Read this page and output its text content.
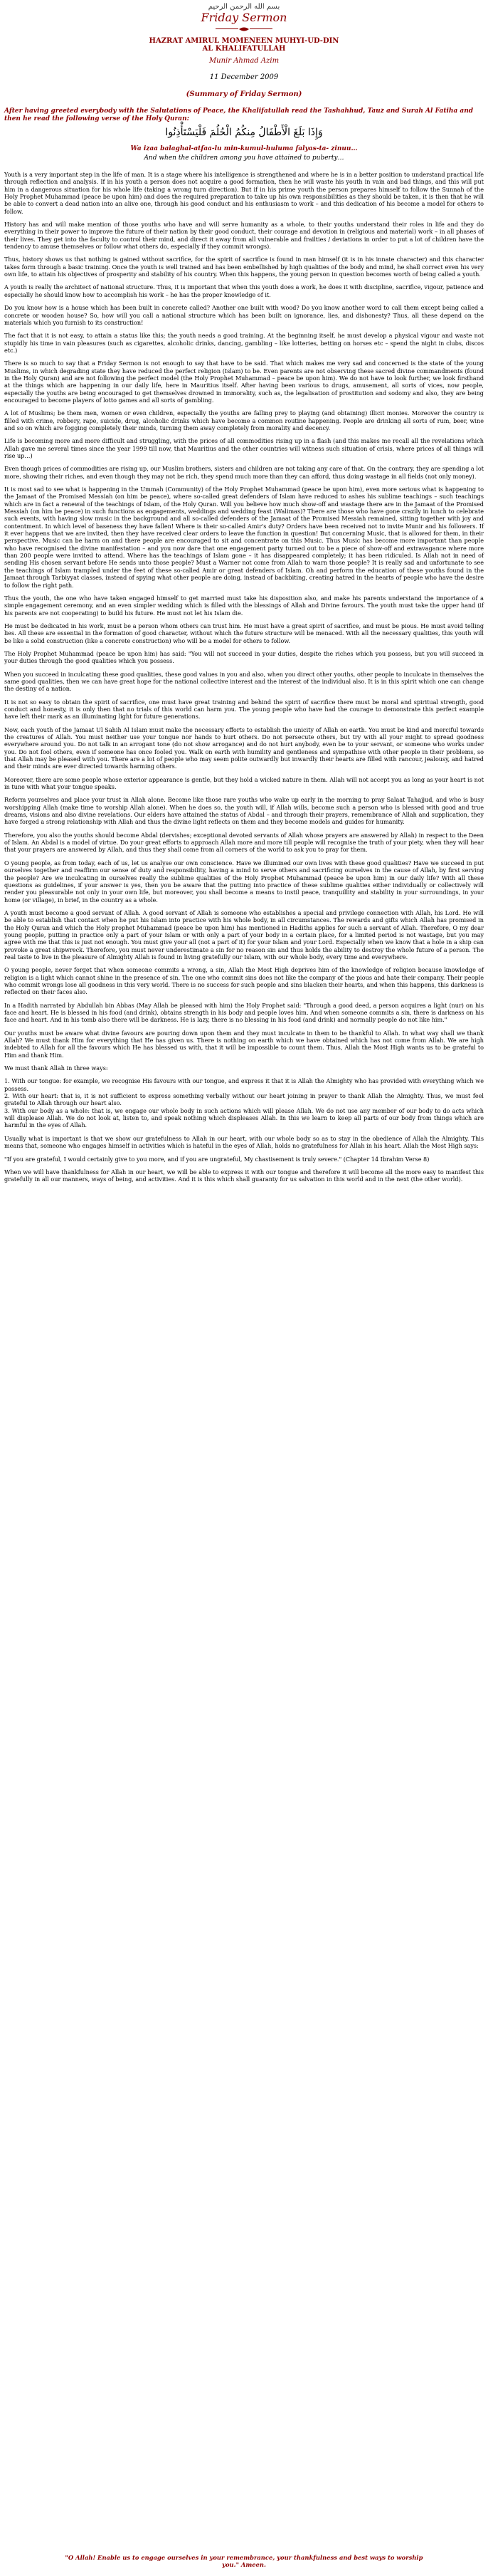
بسم الله الرحمن الرحيم
Friday Sermon
HAZRAT AMIRUL MOMENEEN MUHYI-UD-DIN
AL KHALIFATULLAH
Munir Ahmad Azim
11 December 2009
(Summary of Friday Sermon)
After having greeted everybody with the Salutations of Peace, the Khalifatullah read the Tashahhud, Tauz and Surah Al Fatiha and then he read the following verse of the Holy Quran:
وَإِذَا بَلَغَ الْأَطْفَالُ مِنكُمُ الْحُلُمَ فَلْيَسْتَأْذِنُوا
Wa izaa balaghal-atfaa-lu min-kumul-huluma falyas-ta- zinuu…
And when the children among you have attained to puberty…

Youth is a very important step in the life of man. It is a stage where his intelligence is strengthened and where he is in a better position to understand practical life through reflection and analysis. If in his youth a person does not acquire a good formation, then he will waste his youth in vain and bad things, and this will put him in a dangerous situation for his whole life (taking a wrong turn direction). But if in his prime youth the person prepares himself to follow the Sunnah of the Holy Prophet Muhammad (peace be upon him) and does the required preparation to take up his own responsibilities as they should be taken, it is then that he will be able to convert a dead nation into an alive one, through his good conduct and his enthusiasm to work – and this dedication of his become a model for others to follow.

History has and will make mention of those youths who have and will serve humanity as a whole, to their youths understand their roles in life and they do everything in their power to improve the future of their nation by their good conduct, their courage and devotion in (religious and material) work – in all phases of their lives. They get into the faculty to control their mind, and direct it away from all vulnerable and frailties / deviations in order to put a lot of children have the tendency to amuse themselves or follow what others do, especially if they commit wrongs).

Thus, history shows us that nothing is gained without sacrifice, for the spirit of sacrifice is found in man himself (it is in his innate character) and this character takes form through a basic training. Once the youth is well trained and has been embellished by high qualities of the body and mind, he shall correct even his very own life, to attain his objectives of prosperity and stability of his country. When this happens, the young person in question becomes worth of being called a youth.

A youth is really the architect of national structure. Thus, it is important that when this youth does a work, he does it with discipline, sacrifice, vigour, patience and especially he should know how to accomplish his work – he has the proper knowledge of it.

Do you know how is a house which has been built in concrete called? Another one built with wood? Do you know another word to call them except being called a concrete or wooden house? So, how will you call a national structure which has been built on ignorance, lies, and dishonesty? Thus, all these depend on the materials which you furnish to its construction!

The fact that it is not easy, to attain a status like this; the youth needs a good training. At the beginning itself, he must develop a physical vigour and waste not stupidly his time in vain pleasures (such as cigarettes, alcoholic drinks, dancing, gambling – like lotteries, betting on horses etc – spend the night in clubs, discos etc.)

There is so much to say that a Friday Sermon is not enough to say that have to be said. That which makes me very sad and concerned is the state of the young Muslims, in which degrading state they have reduced the perfect religion (Islam) to be. Even parents are not observing these sacred divine commandments (found in the Holy Quran) and are not following the perfect model (the Holy Prophet Muhammad – peace be upon him). We do not have to look further, we look firsthand at the things which are happening in our daily life, here in Mauritius itself. After having been various to drugs, amusement, all sorts of vices, now people, especially the youths are being encouraged to get themselves drowned in immorality, such as, the legalisation of prostitution and sodomy and also, they are being encouraged to become players of lotto games and all sorts of gambling.

A lot of Muslims; be them men, women or even children, especially the youths are falling prey to playing (and obtaining) illicit monies. Moreover the country is filled with crime, robbery, rape, suicide, drug, alcoholic drinks which have become a common routine happening. People are drinking all sorts of rum, beer, wine and so on which are fogging completely their minds, turning them away completely from morality and decency.

Life is becoming more and more difficult and struggling, with the prices of all commodities rising up in a flash (and this makes me recall all the revelations which Allah gave me several times since the year 1999 till now, that Mauritius and the other countries will witness such situation of crisis, where prices of all things will rise up…)

Even though prices of commodities are rising up, our Muslim brothers, sisters and children are not taking any care of that. On the contrary, they are spending a lot more, showing their riches, and even though they may not be rich, they spend much more than they can afford, thus doing wastage in all fields (not only money).

It is most sad to see what is happening in the Ummah (Community) of the Holy Prophet Muhammad (peace be upon him), even more serious what is happening to the Jamaat of the Promised Messiah (on him be peace), where so-called great defenders of Islam have reduced to ashes his sublime teachings – such teachings which are in fact a renewal of the teachings of Islam, of the Holy Quran. Will you believe how much show-off and wastage there are in the Jamaat of the Promised Messiah (on him be peace) in such functions as engagements, weddings and wedding feast (Walimas)? There are those who have gone crazily in lunch to celebrate such events, with having slow music in the background and all so-called defenders of the Jamaat of the Promised Messiah remained, sitting together with joy and contentment. In which level of baseness they have fallen! Where is their so-called Amir's duty? Orders have been received not to invite Munir and his followers. If it ever happens that we are invited, then they have received clear orders to leave the function in question! But concerning Music, that is allowed for them, in their perspective. Music can be harm on and there people are encouraged to sit and concentrate on this Music. Thus Music has become more important than people who have recognised the divine manifestation – and you now dare that one engagement party turned out to be a piece of show-off and extravagance where more than 200 people were invited to attend. Where has the teachings of Islam gone – it has disappeared completely; it has been ridiculed. Is Allah not in need of sending His chosen servant before He sends unto those people? Must a Warner not come from Allah to warn those people? It is really sad and unfortunate to see the teachings of Islam trampled under the feet of these so-called Amir or great defenders of Islam. Oh and perform the education of these youths found in the Jamaat through Tarbiyyat classes, instead of spying what other people are doing, instead of backbiting, creating hatred in the hearts of people who have the desire to follow the right path.

Thus the youth, the one who have taken engaged himself to get married must take his disposition also, and make his parents understand the importance of a simple engagement ceremony, and an even simpler wedding which is filled with the blessings of Allah and Divine favours. The youth must take the upper hand (if his parents are not cooperating) to build his future. He must not let his Islam die.

He must be dedicated in his work, must be a person whom others can trust him. He must have a great spirit of sacrifice, and must be pious. He must avoid telling lies. All these are essential in the formation of good character, without which the future structure will be menaced. With all the necessary qualities, this youth will be like a solid construction (like a concrete construction) who will be a model for others to follow.

The Holy Prophet Muhammad (peace be upon him) has said: "You will not succeed in your duties, despite the riches which you possess, but you will succeed in your duties through the good qualities which you possess.

When you succeed in inculcating these good qualities, these good values in you and also, when you direct other youths, other people to inculcate in themselves the same good qualities, then we can have great hope for the national collective interest and the interest of the individual also. It is in this spirit which one can change the destiny of a nation.

It is not so easy to obtain the spirit of sacrifice, one must have great training and behind the spirit of sacrifice there must be moral and spiritual strength, good conduct and honesty, it is only then that no trials of this world can harm you. The young people who have had the courage to demonstrate this perfect example have left their mark as an illuminating light for future generations.

Now, each youth of the Jamaat Ul Sahih Al Islam must make the necessary efforts to establish the unicity of Allah on earth. You must be kind and merciful towards the creatures of Allah. You must neither use your tongue nor hands to hurt others. Do not persecute others, but try with all your might to spread goodness everywhere around you. Do not talk in an arrogant tone (do not show arrogance) and do not hurt anybody, even be to your servant, or someone who works under you. Do not fool others, even if someone has once fooled you. Walk on earth with humility and gentleness and sympathise with other people in their problems, so that Allah may be pleased with you. There are a lot of people who may seem polite outwardly but inwardly their hearts are filled with rancour, jealousy, and hatred and their minds are ever directed towards harming others.

Moreover, there are some people whose exterior appearance is gentle, but they hold a wicked nature in them. Allah will not accept you as long as your heart is not in tune with what your tongue speaks.

Reform yourselves and place your trust in Allah alone. Become like those rare youths who wake up early in the morning to pray Salaat Tahajjud, and who is busy worshipping Allah (make time to worship Allah alone). When he does so, the youth will, if Allah wills, become such a person who is blessed with good and true dreams, visions and also divine revelations. Our elders have attained the status of Abdal – and through their prayers, remembrance of Allah and supplication, they have forged a strong relationship with Allah and thus the divine light reflects on them and they become models and guides for humanity.

Therefore, you also the youths should become Abdal (dervishes; exceptional devoted servants of Allah whose prayers are answered by Allah) in respect to the Deen of Islam. An Abdal is a model of virtue. Do your great efforts to approach Allah more and more till people will recognise the truth of your piety, when they will hear that your prayers are answered by Allah, and thus they shall come from all corners of the world to ask you to pray for them.

O young people, as from today, each of us, let us analyse our own conscience. Have we illumined our own lives with these good qualities? Have we succeed in put ourselves together and reaffirm our sense of duty and responsibility, having a mind to serve others and sacrificing ourselves in the cause of Allah, by first serving the people? Are we inculcating in ourselves really the sublime qualities of the Holy Prophet Muhammad (peace be upon him) in our daily life? With all these questions as guidelines, if your answer is yes, then you be aware that the putting into practice of these sublime qualities either individually or collectively will render you pleasurable not only in your own life, but moreover, you shall become a means to instil peace, tranquillity and stability in your surroundings, in your home (or village), in brief, in the country as a whole.

A youth must become a good servant of Allah. A good servant of Allah is someone who establishes a special and privilege connection with Allah, his Lord. He will be able to establish that contact when he put his Islam into practice with his whole body, in all circumstances. The rewards and gifts which Allah has promised in the Holy Quran and which the Holy prophet Muhammad (peace be upon him) has mentioned in Hadiths applies for such a servant of Allah. Therefore, O my dear young people, putting in practice only a part of your Islam or with only a part of your body in a certain place, for a limited period is not wastage, but you may agree with me that this is just not enough. You must give your all (not a part of it) for your Islam and your Lord. Especially when we know that a hole in a ship can provoke a great shipwreck. Therefore, you must never underestimate a sin for no reason sin and thus holds the ability to destroy the whole future of a person. The real taste to live in the pleasure of Almighty Allah is found in living gratefully our Islam, with our whole body, every time and everywhere.

O young people, never forget that when someone commits a wrong, a sin, Allah the Most High deprives him of the knowledge of religion because knowledge of religion is a light which cannot shine in the presence of sin. The one who commit sins does not like the company of the pious and hate their company. Their people who commit wrongs lose all goodness in this very world. There is no success for such people and sins blacken their hearts, and when this happens, this darkness is reflected on their faces also.

In a Hadith narrated by Abdullah bin Abbas (May Allah be pleased with him) the Holy Prophet said: "Through a good deed, a person acquires a light (nur) on his face and heart. He is blessed in his food (and drink), obtains strength in his body and people loves him. And when someone commits a sin, there is darkness on his face and heart. And in his tomb also there will be darkness. He is lazy, there is no blessing in his food (and drink) and normally people do not like him."

Our youths must be aware what divine favours are pouring down upon them and they must inculcate in them to be thankful to Allah. In what way shall we thank Allah? We must thank Him for everything that He has given us. There is nothing on earth which we have obtained which has not come from Allah. We are high indebted to Allah for all the favours which He has blessed us with, that it will be impossible to count them. Thus, Allah the Most High wants us to be grateful to Him and thank Him.

We must thank Allah in three ways:

1. With our tongue: for example, we recognise His favours with our tongue, and express it that it is Allah the Almighty who has provided with everything which we possess.
2. With our heart: that is, it is not sufficient to express something verbally without our heart joining in prayer to thank Allah the Almighty. Thus, we must feel grateful to Allah through our heart also.
3. With our body as a whole: that is, we engage our whole body in such actions which will please Allah. We do not use any member of our body to do acts which will displease Allah. We do not look at, listen to, and speak nothing which displeases Allah. In this we learn to keep all parts of our body from things which are harmful in the eyes of Allah.

Usually what is important is that we show our gratefulness to Allah in our heart, with our whole body so as to stay in the obedience of Allah the Almighty. This means that, someone who engages himself in activities which is hateful in the eyes of Allah, holds no gratefulness for Allah in his heart. Allah the Most High says:

"If you are grateful, I would certainly give to you more, and if you are ungrateful, My chastisement is truly severe." (Chapter 14 Ibrahim Verse 8)

When we will have thankfulness for Allah in our heart, we will be able to express it with our tongue and therefore it will become all the more easy to manifest this gratefully in all our manners, ways of being, and activities. And it is this which shall guaranty for us salvation in this world and in the next (the other world).

"O Allah! Enable us to engage ourselves in your remembrance, your thankfulness and best ways to worship
you." Ameen.
